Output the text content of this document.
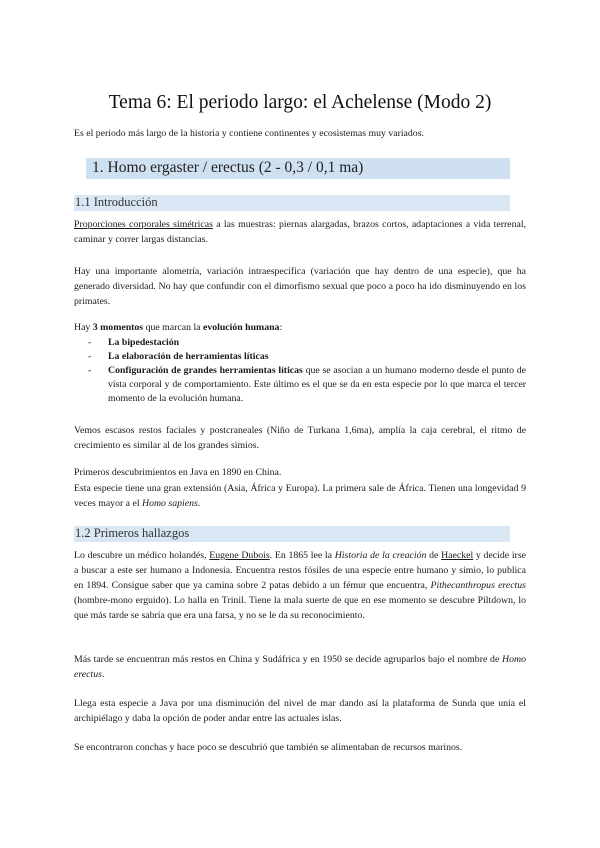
Tema 6: El periodo largo: el Achelense (Modo 2)
Es el periodo más largo de la historia y contiene continentes y ecosistemas muy variados.
1. Homo ergaster / erectus (2 - 0,3 / 0,1 ma)
1.1 Introducción
Proporciones corporales simétricas a las muestras: piernas alargadas, brazos cortos, adaptaciones a vida terrenal, caminar y correr largas distancias.
Hay una importante alometría, variación intraespecífica (variación que hay dentro de una especie), que ha generado diversidad. No hay que confundir con el dimorfismo sexual que poco a poco ha ido disminuyendo en los primates.
Hay 3 momentos que marcan la evolución humana:
- La bipedestación
- La elaboración de herramientas líticas
- Configuración de grandes herramientas líticas que se asocian a un humano moderno desde el punto de vista corporal y de comportamiento. Este último es el que se da en esta especie por lo que marca el tercer momento de la evolución humana.
Vemos escasos restos faciales y postcraneales (Niño de Turkana 1,6ma), amplía la caja cerebral, el ritmo de crecimiento es similar al de los grandes simios.
Primeros descubrimientos en Java en 1890 en China.
Esta especie tiene una gran extensión (Asia, África y Europa). La primera sale de África. Tienen una longevidad 9 veces mayor a el Homo sapiens.
1.2 Primeros hallazgos
Lo descubre un médico holandés, Eugene Dubois. En 1865 lee la Historia de la creación de Haeckel y decide irse a buscar a este ser humano a Indonesia. Encuentra restos fósiles de una especie entre humano y simio, lo publica en 1894. Consigue saber que ya camina sobre 2 patas debido a un fémur que encuentra, Pithecanthropus erectus (hombre-mono erguido). Lo halla en Trinil. Tiene la mala suerte de que en ese momento se descubre Piltdown, lo que más tarde se sabría que era una farsa, y no se le da su reconocimiento.
Más tarde se encuentran más restos en China y Sudáfrica y en 1950 se decide agruparlos bajo el nombre de Homo erectus.
Llega esta especie a Java por una disminución del nivel de mar dando así la plataforma de Sunda que unía el archipiélago y daba la opción de poder andar entre las actuales islas.
Se encontraron conchas y hace poco se descubrió que también se alimentaban de recursos marinos.
